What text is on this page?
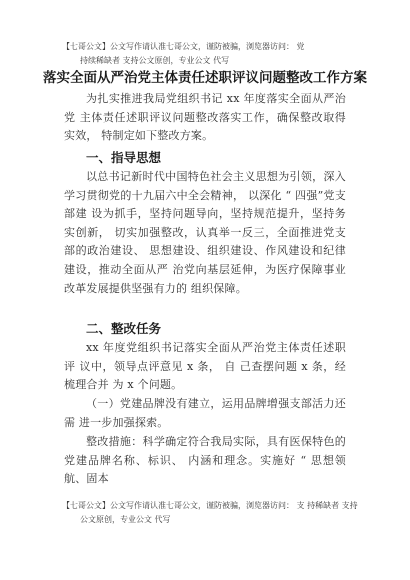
【七哥公文】公文写作请认准七哥公文，谨防被骗，浏览器访问： 党
持续稀缺者 支持公文原创，专业公文 代写
落实全面从严治党主体责任述职评议问题整改工作方案
为扎实推进我局党组织书记 xx 年度落实全面从严治党 主体责任述职评议问题整改落实工作，确保整改取得实效， 特制定如下整改方案。
一、指导思想
以总书记新时代中国特色社会主义思想为引领，深入学习贯彻党的十九届六中全会精神， 以深化 “ 四强”党支部建 设为抓手，坚持问题导向，坚持规范提升，坚持务实创新， 切实加强整改，认真举一反三，全面推进党支部的政治建设、 思想建设、组织建设、作风建设和纪律建设，推动全面从严 治党向基层延伸，为医疗保障事业改革发展提供坚强有力的 组织保障。
二、整改任务
xx 年度党组织书记落实全面从严治党主体责任述职评 议中，领导点评意见 x 条， 自 己查摆问题 x 条，经梳理合并 为 x 个问题。
（一）党建品牌没有建立，运用品牌增强支部活力还需 进一步加强探索。
整改措施：科学确定符合我局实际，具有医保特色的党建品牌名称、标识、 内涵和理念。实施好 “ 思想领航、固本
【七哥公文】公文写作请认准七哥公文，谨防被骗，浏览器访问： 支 持稀缺者 支持
公文原创，专业公文 代写
